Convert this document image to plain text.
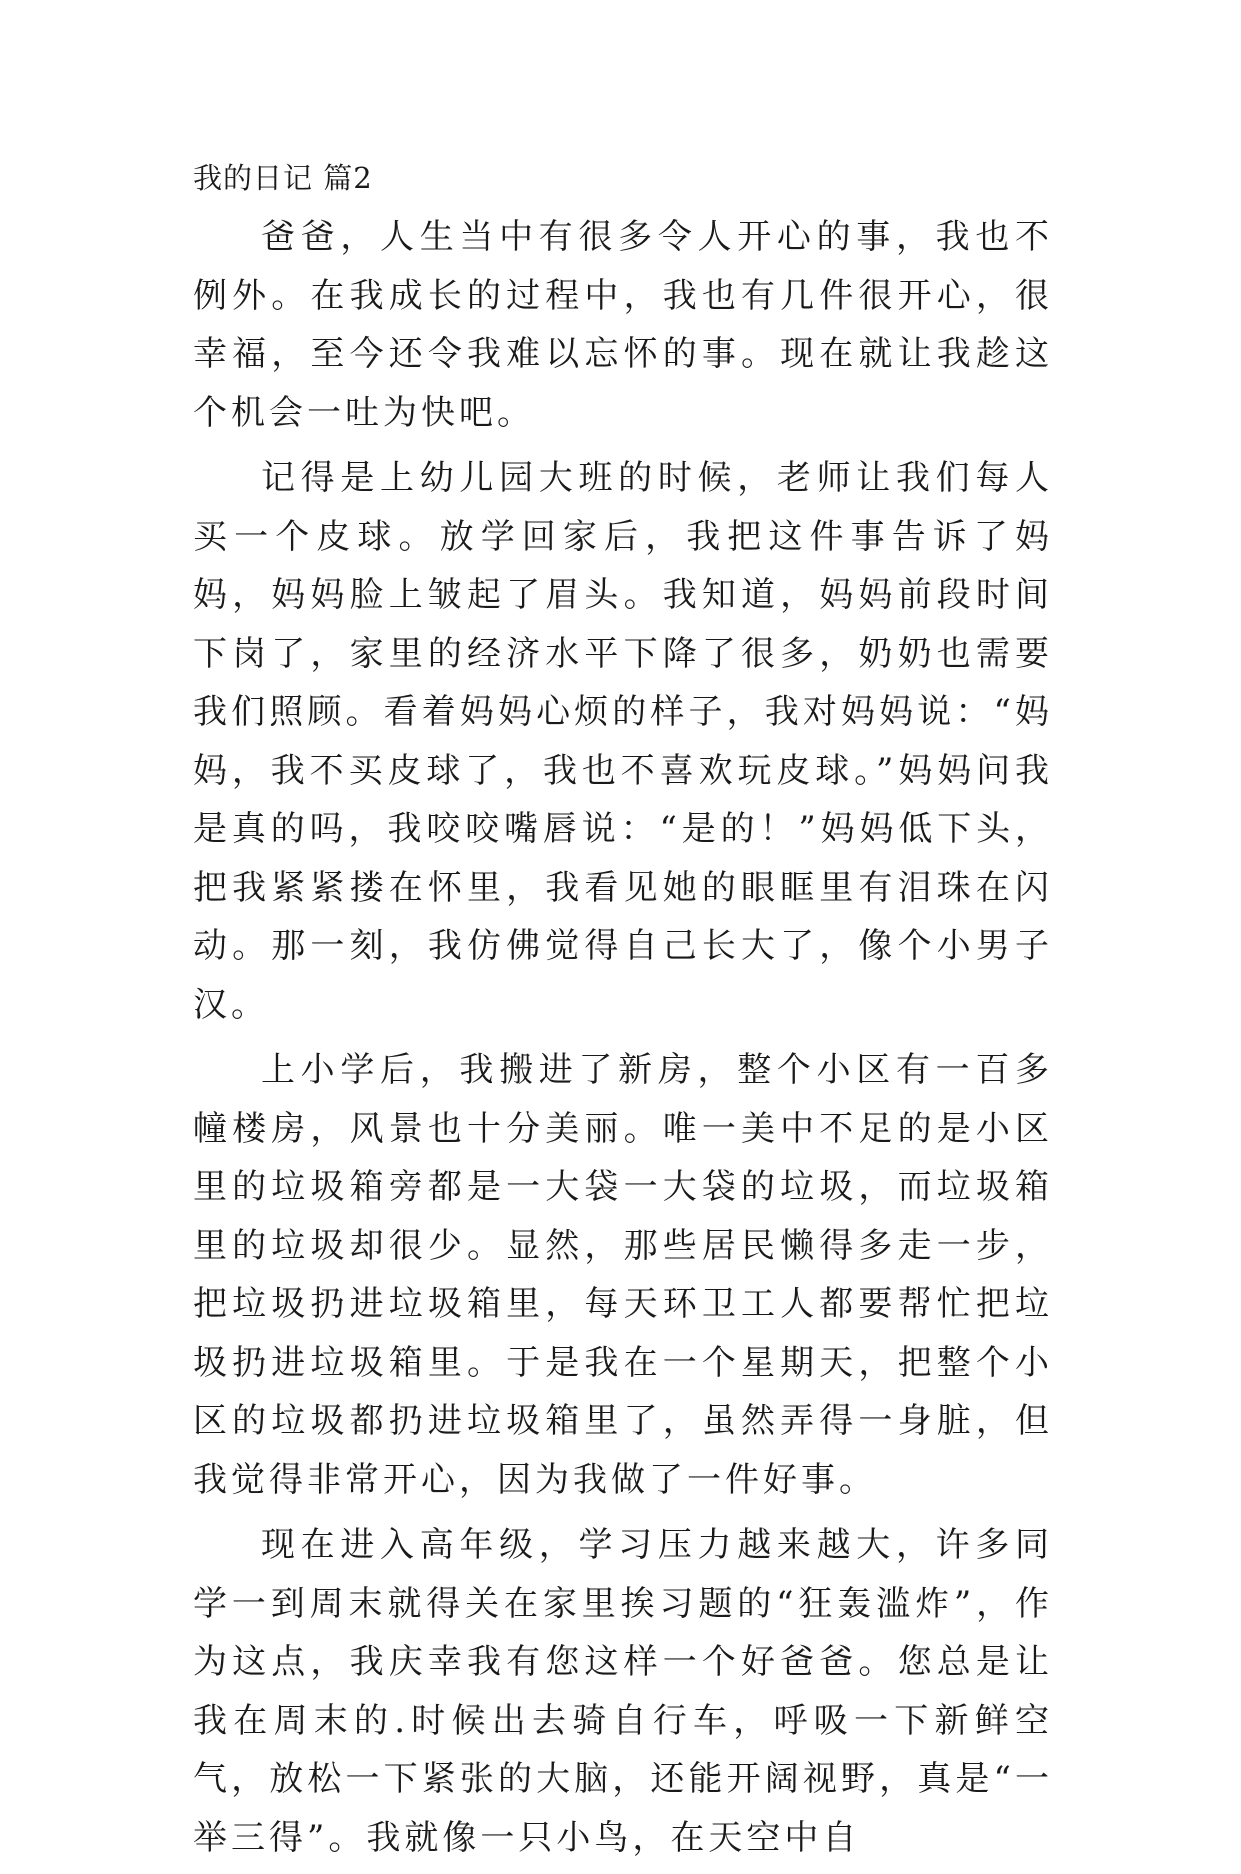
我的日记 篇2

爸爸，人生当中有很多令人开心的事，我也不例外。在我成长的过程中，我也有几件很开心，很幸福，至今还令我难以忘怀的事。现在就让我趁这个机会一吐为快吧。

记得是上幼儿园大班的时候，老师让我们每人买一个皮球。放学回家后，我把这件事告诉了妈妈，妈妈脸上皱起了眉头。我知道，妈妈前段时间下岗了，家里的经济水平下降了很多，奶奶也需要我们照顾。看着妈妈心烦的样子，我对妈妈说：“妈妈，我不买皮球了，我也不喜欢玩皮球。”妈妈问我是真的吗，我咬咬嘴唇说：“是的！”妈妈低下头，把我紧紧搂在怀里，我看见她的眼眶里有泪珠在闪动。那一刻，我仿佛觉得自己长大了，像个小男子汉。

上小学后，我搬进了新房，整个小区有一百多幢楼房，风景也十分美丽。唯一美中不足的是小区里的垃圾箱旁都是一大袋一大袋的垃圾，而垃圾箱里的垃圾却很少。显然，那些居民懒得多走一步，把垃圾扔进垃圾箱里，每天环卫工人都要帮忙把垃圾扔进垃圾箱里。于是我在一个星期天，把整个小区的垃圾都扔进垃圾箱里了，虽然弄得一身脏，但我觉得非常开心，因为我做了一件好事。

现在进入高年级，学习压力越来越大，许多同学一到周末就得关在家里挨习题的“狂轰滥炸”，作为这点，我庆幸我有您这样一个好爸爸。您总是让我在周末的.时候出去骑自行车，呼吸一下新鲜空气，放松一下紧张的大脑，还能开阔视野，真是“一举三得”。我就像一只小鸟，在天空中自
